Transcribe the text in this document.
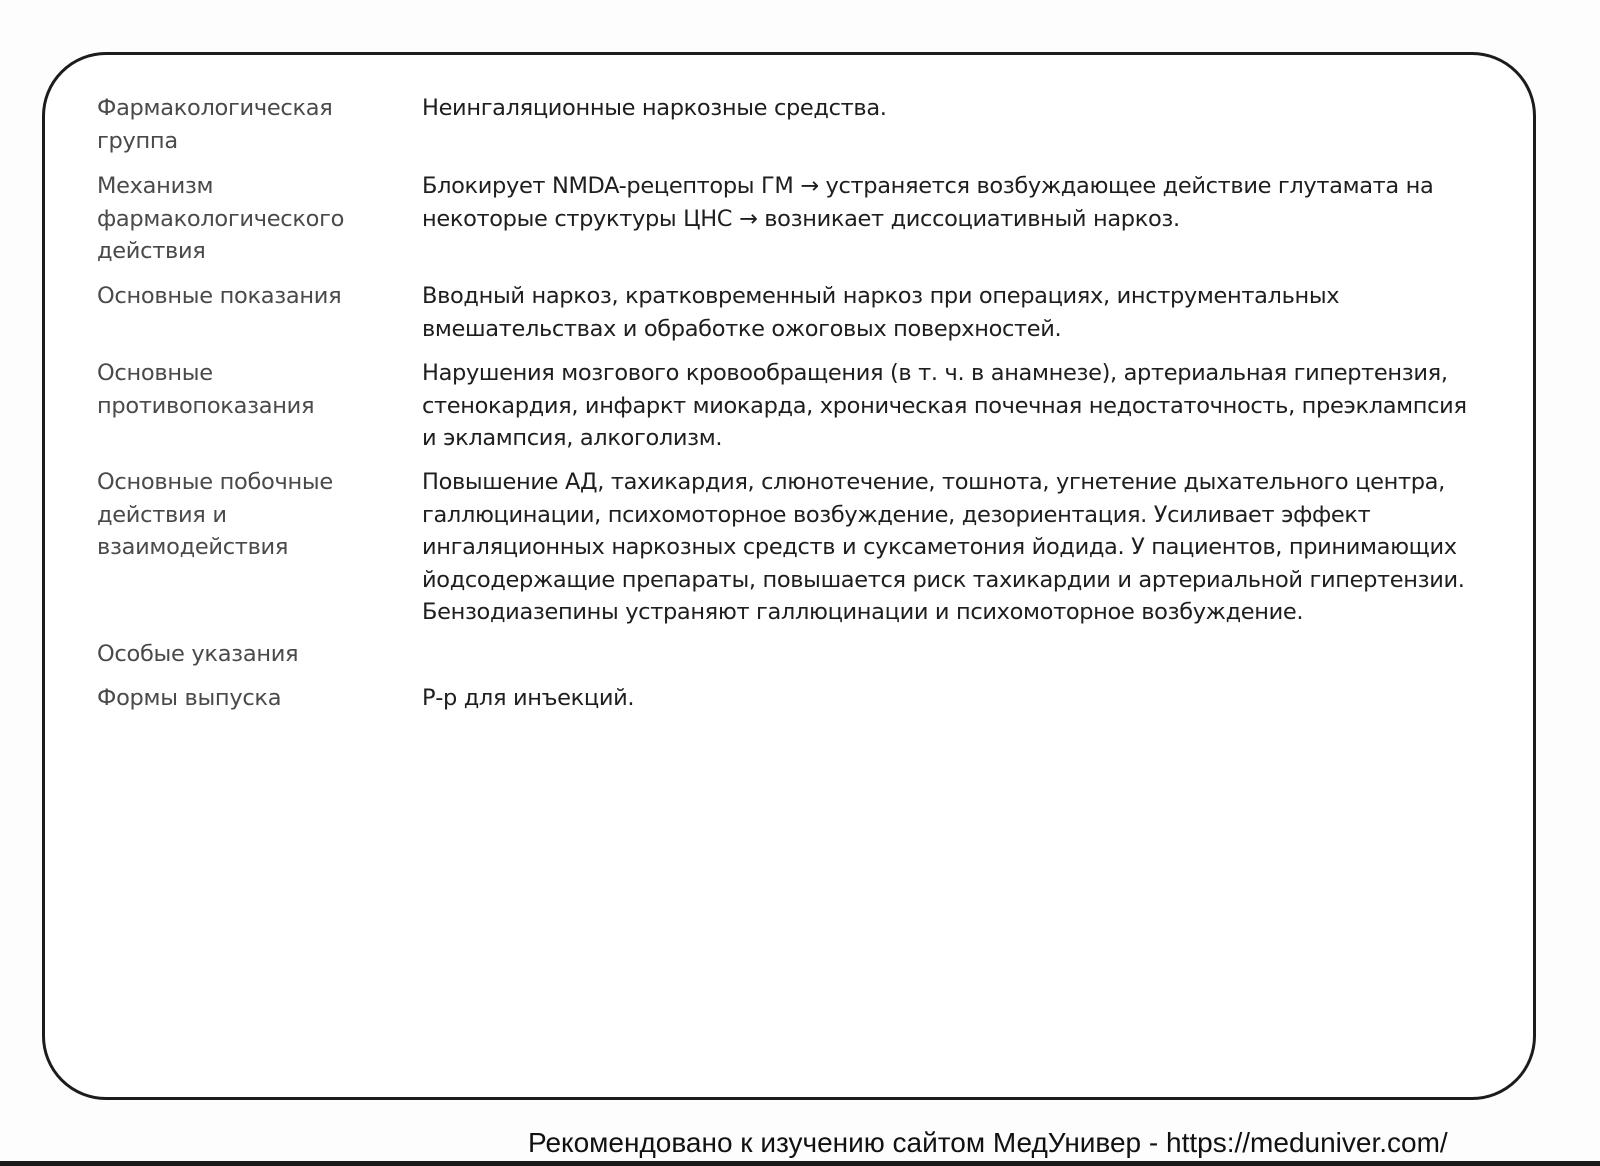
Фармакологическая группа
Неингаляционные наркозные средства.
Механизм фармакологического действия
Блокирует NMDA-рецепторы ГМ → устраняется возбуждающее действие глутамата на некоторые структуры ЦНС → возникает диссоциативный наркоз.
Основные показания	Вводный наркоз, кратковременный наркоз при операциях, инструментальных вмешательствах и обработке ожоговых поверхностей.
Основные противопоказания
Нарушения мозгового кровообращения (в т. ч. в анамнезе), артериальная гипертензия, стенокардия, инфаркт миокарда, хроническая почечная недостаточность, преэклампсия и эклампсия, алкоголизм.
Основные побочные действия и взаимодействия
Повышение АД, тахикардия, слюнотечение, тошнота, угнетение дыхательного центра, галлюцинации, психомоторное возбуждение, дезориентация. Усиливает эффект ингаляционных наркозных средств и суксаметония йодида. У пациентов, принимающих йодсодержащие препараты, повышается риск тахикардии и артериальной гипертензии. Бензодиазепины устраняют галлюцинации и психомоторное возбуждение.
Особые указания
Формы выпуска	Р-р для инъекций.
Рекомендовано к изучению сайтом МедУнивер - https://meduniver.com/
